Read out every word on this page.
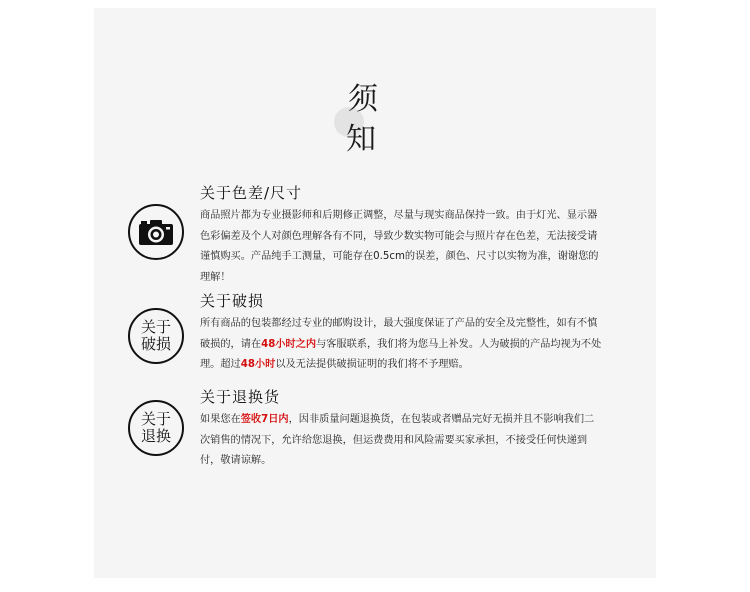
须
知
关于色差/尺寸
商品照片都为专业摄影师和后期修正调整，尽量与现实商品保持一致。由于灯光、显示器色彩偏差及个人对颜色理解各有不同，导致少数实物可能会与照片存在色差，无法接受请谨慎购买。产品纯手工测量，可能存在0.5cm的误差，颜色、尺寸以实物为准，谢谢您的理解！
关于
破损
关于破损
所有商品的包装都经过专业的邮购设计，最大强度保证了产品的安全及完整性，如有不慎破损的，请在48小时之内与客服联系，我们将为您马上补发。人为破损的产品均视为不处理。超过48小时以及无法提供破损证明的我们将不予理赔。
关于
退换
关于退换货
如果您在签收7日内，因非质量问题退换货，在包装或者赠品完好无损并且不影响我们二次销售的情况下，允许给您退换，但运费费用和风险需要买家承担，不接受任何快递到付，敬请谅解。
